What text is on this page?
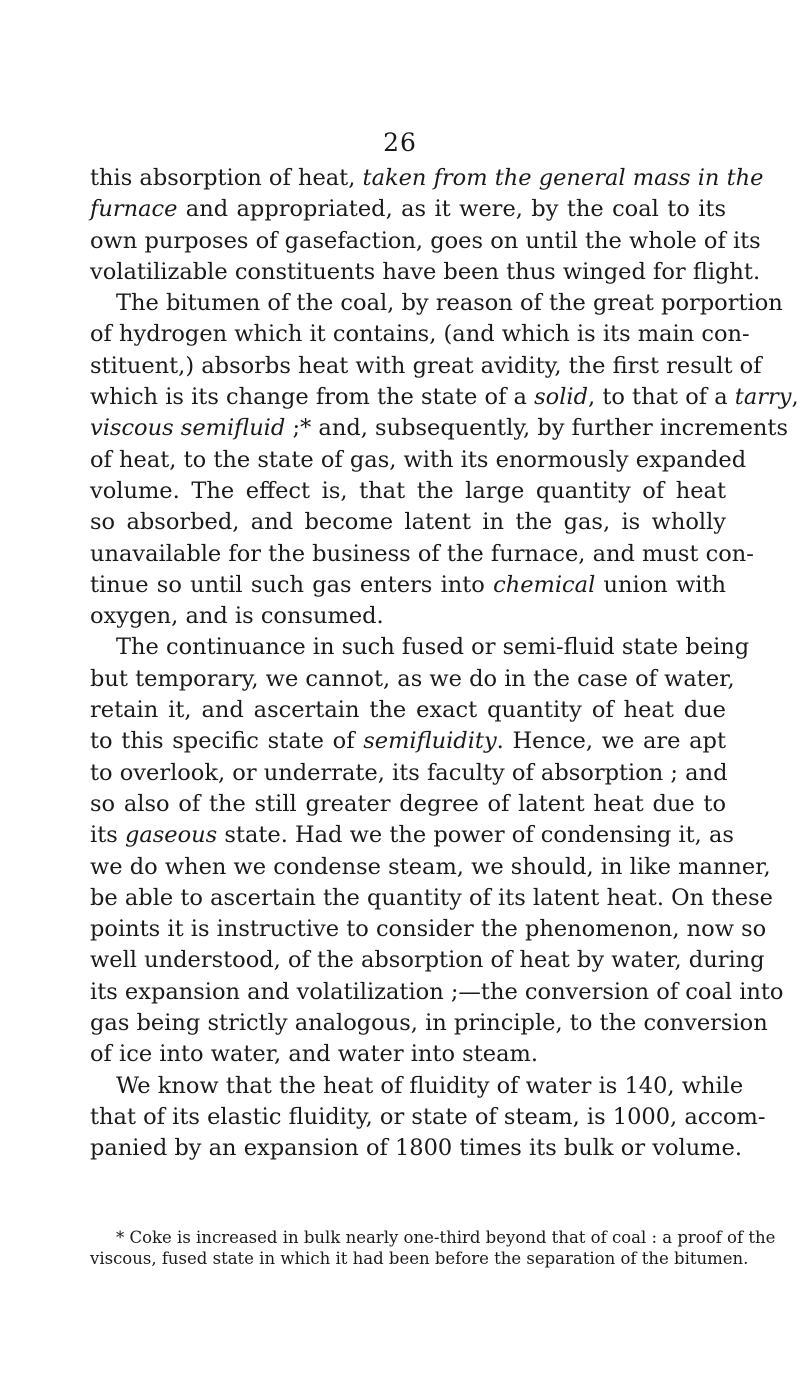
26
this absorption of heat, taken from the general mass in the
furnace and appropriated, as it were, by the coal to its
own purposes of gasefaction, goes on until the whole of its
volatilizable constituents have been thus winged for flight.
The bitumen of the coal, by reason of the great porportion
of hydrogen which it contains, (and which is its main con-
stituent,) absorbs heat with great avidity, the first result of
which is its change from the state of a solid, to that of a tarry,
viscous semifluid ;* and, subsequently, by further increments
of heat, to the state of gas, with its enormously expanded
volume. The effect is, that the large quantity of heat
so absorbed, and become latent in the gas, is wholly
unavailable for the business of the furnace, and must con-
tinue so until such gas enters into chemical union with
oxygen, and is consumed.
The continuance in such fused or semi-fluid state being
but temporary, we cannot, as we do in the case of water,
retain it, and ascertain the exact quantity of heat due
to this specific state of semifluidity. Hence, we are apt
to overlook, or underrate, its faculty of absorption ; and
so also of the still greater degree of latent heat due to
its gaseous state. Had we the power of condensing it, as
we do when we condense steam, we should, in like manner,
be able to ascertain the quantity of its latent heat. On these
points it is instructive to consider the phenomenon, now so
well understood, of the absorption of heat by water, during
its expansion and volatilization ;—the conversion of coal into
gas being strictly analogous, in principle, to the conversion
of ice into water, and water into steam.
We know that the heat of fluidity of water is 140, while
that of its elastic fluidity, or state of steam, is 1000, accom-
panied by an expansion of 1800 times its bulk or volume.
* Coke is increased in bulk nearly one-third beyond that of coal : a proof of the
viscous, fused state in which it had been before the separation of the bitumen.
